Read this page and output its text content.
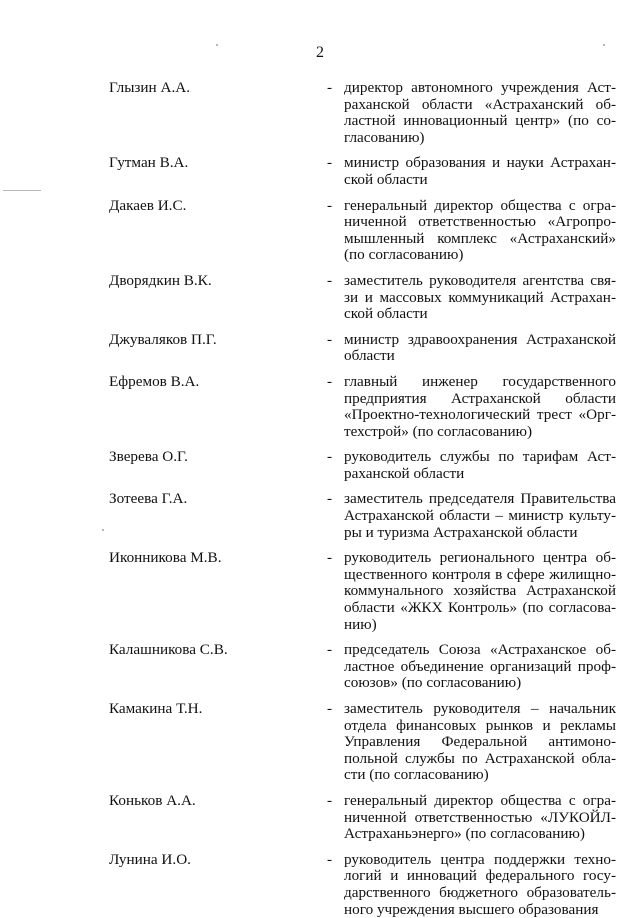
2
Глызин А.А.	- директор автономного учреждения Астраханской области «Астраханский областной инновационный центр» (по согласованию)
Гутман В.А.	- министр образования и науки Астраханской области
Дакаев И.С.	- генеральный директор общества с ограниченной ответственностью «Агропромышленный комплекс «Астраханский» (по согласованию)
Дворядкин В.К.	- заместитель руководителя агентства связи и массовых коммуникаций Астраханской области
Джуваляков П.Г.	- министр здравоохранения Астраханской области
Ефремов В.А.	- главный инженер государственного предприятия Астраханской области «Проектно-технологический трест «Оргтехстрой» (по согласованию)
Зверева О.Г.	- руководитель службы по тарифам Астраханской области
Зотеева Г.А.	- заместитель председателя Правительства Астраханской области – министр культуры и туризма Астраханской области
Иконникова М.В.	- руководитель регионального центра общественного контроля в сфере жилищно-коммунального хозяйства Астраханской области «ЖКХ Контроль» (по согласованию)
Калашникова С.В.	- председатель Союза «Астраханское областное объединение организаций профсоюзов» (по согласованию)
Камакина Т.Н.	- заместитель руководителя – начальник отдела финансовых рынков и рекламы Управления Федеральной антимонопольной службы по Астраханской области (по согласованию)
Коньков А.А.	- генеральный директор общества с ограниченной ответственностью «ЛУКОЙЛ-Астраханьэнерго» (по согласованию)
Лунина И.О.	- руководитель центра поддержки технологий и инноваций федерального государственного бюджетного образовательного учреждения высшего образования
